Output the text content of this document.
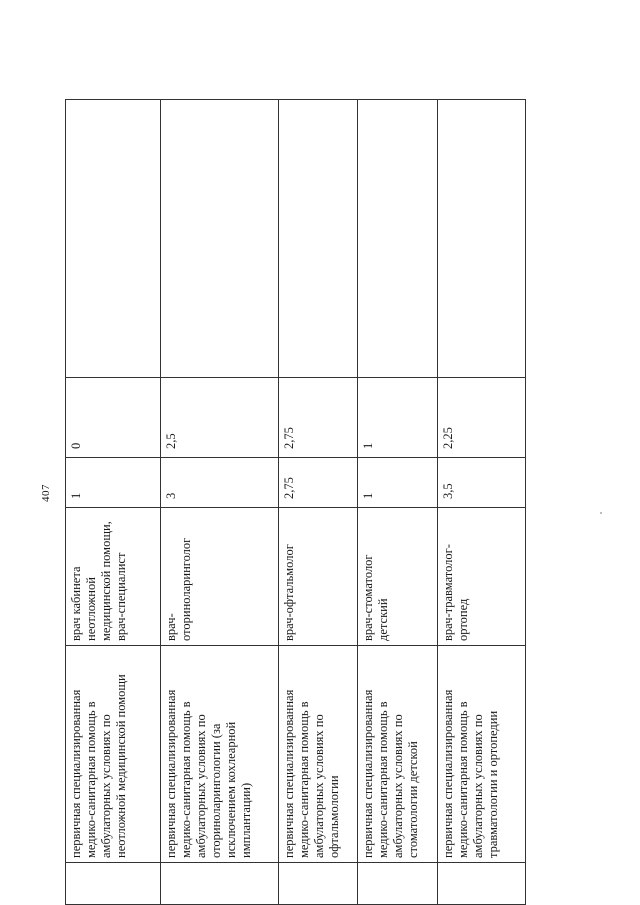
407
	первичная специализированная медико-санитарная помощь в амбулаторных условиях по неотложной медицинской помощи	врач кабинета неотложной медицинской помощи, врач-специалист	1	0	
	первичная специализированная медико-санитарная помощь в амбулаторных условиях по оториноларингологии (за исключением кохлеарной имплантации)	врач-оториноларинголог	3	2,5	
	первичная специализированная медико-санитарная помощь в амбулаторных условиях по офтальмологии	врач-офтальмолог	2,75	2,75	
	первичная специализированная медико-санитарная помощь в амбулаторных условиях по стоматологии детской	врач-стоматолог детский	1	1	
	первичная специализированная медико-санитарная помощь в амбулаторных условиях по травматологии и ортопедии	врач-травматолог-ортопед	3,5	2,25	
